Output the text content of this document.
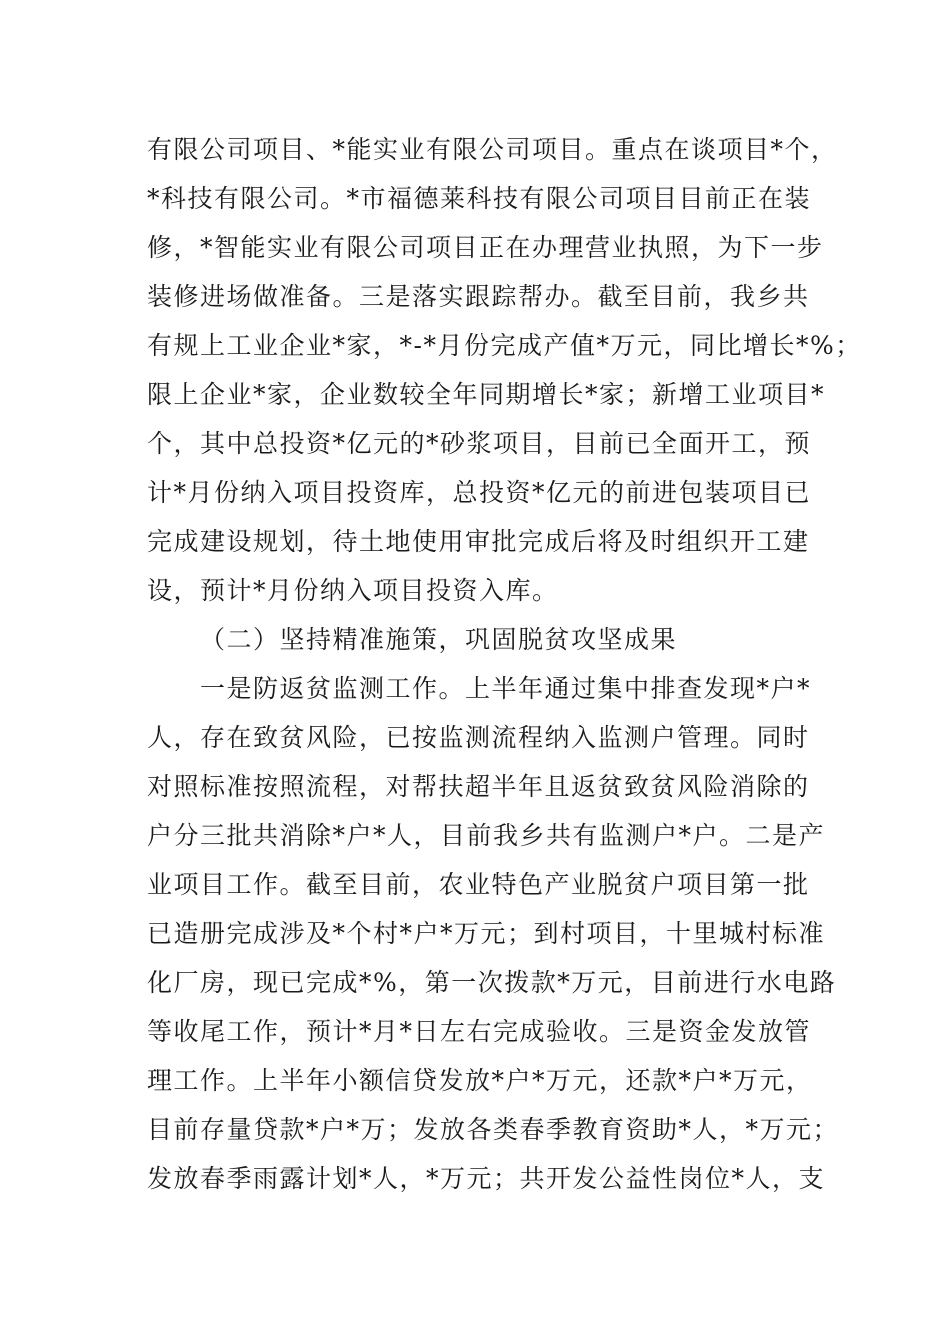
有限公司项目、*能实业有限公司项目。重点在谈项目*个，
*科技有限公司。*市福德莱科技有限公司项目目前正在装
修，*智能实业有限公司项目正在办理营业执照，为下一步
装修进场做准备。三是落实跟踪帮办。截至目前，我乡共
有规上工业企业*家，*-*月份完成产值*万元，同比增长*%；
限上企业*家，企业数较全年同期增长*家；新增工业项目*
个，其中总投资*亿元的*砂浆项目，目前已全面开工，预
计*月份纳入项目投资库，总投资*亿元的前进包装项目已
完成建设规划，待土地使用审批完成后将及时组织开工建
设，预计*月份纳入项目投资入库。
（二）坚持精准施策，巩固脱贫攻坚成果
一是防返贫监测工作。上半年通过集中排查发现*户*
人，存在致贫风险，已按监测流程纳入监测户管理。同时
对照标准按照流程，对帮扶超半年且返贫致贫风险消除的
户分三批共消除*户*人，目前我乡共有监测户*户。二是产
业项目工作。截至目前，农业特色产业脱贫户项目第一批
已造册完成涉及*个村*户*万元；到村项目，十里城村标准
化厂房，现已完成*%，第一次拨款*万元，目前进行水电路
等收尾工作，预计*月*日左右完成验收。三是资金发放管
理工作。上半年小额信贷发放*户*万元，还款*户*万元，
目前存量贷款*户*万；发放各类春季教育资助*人，*万元；
发放春季雨露计划*人，*万元；共开发公益性岗位*人，支
